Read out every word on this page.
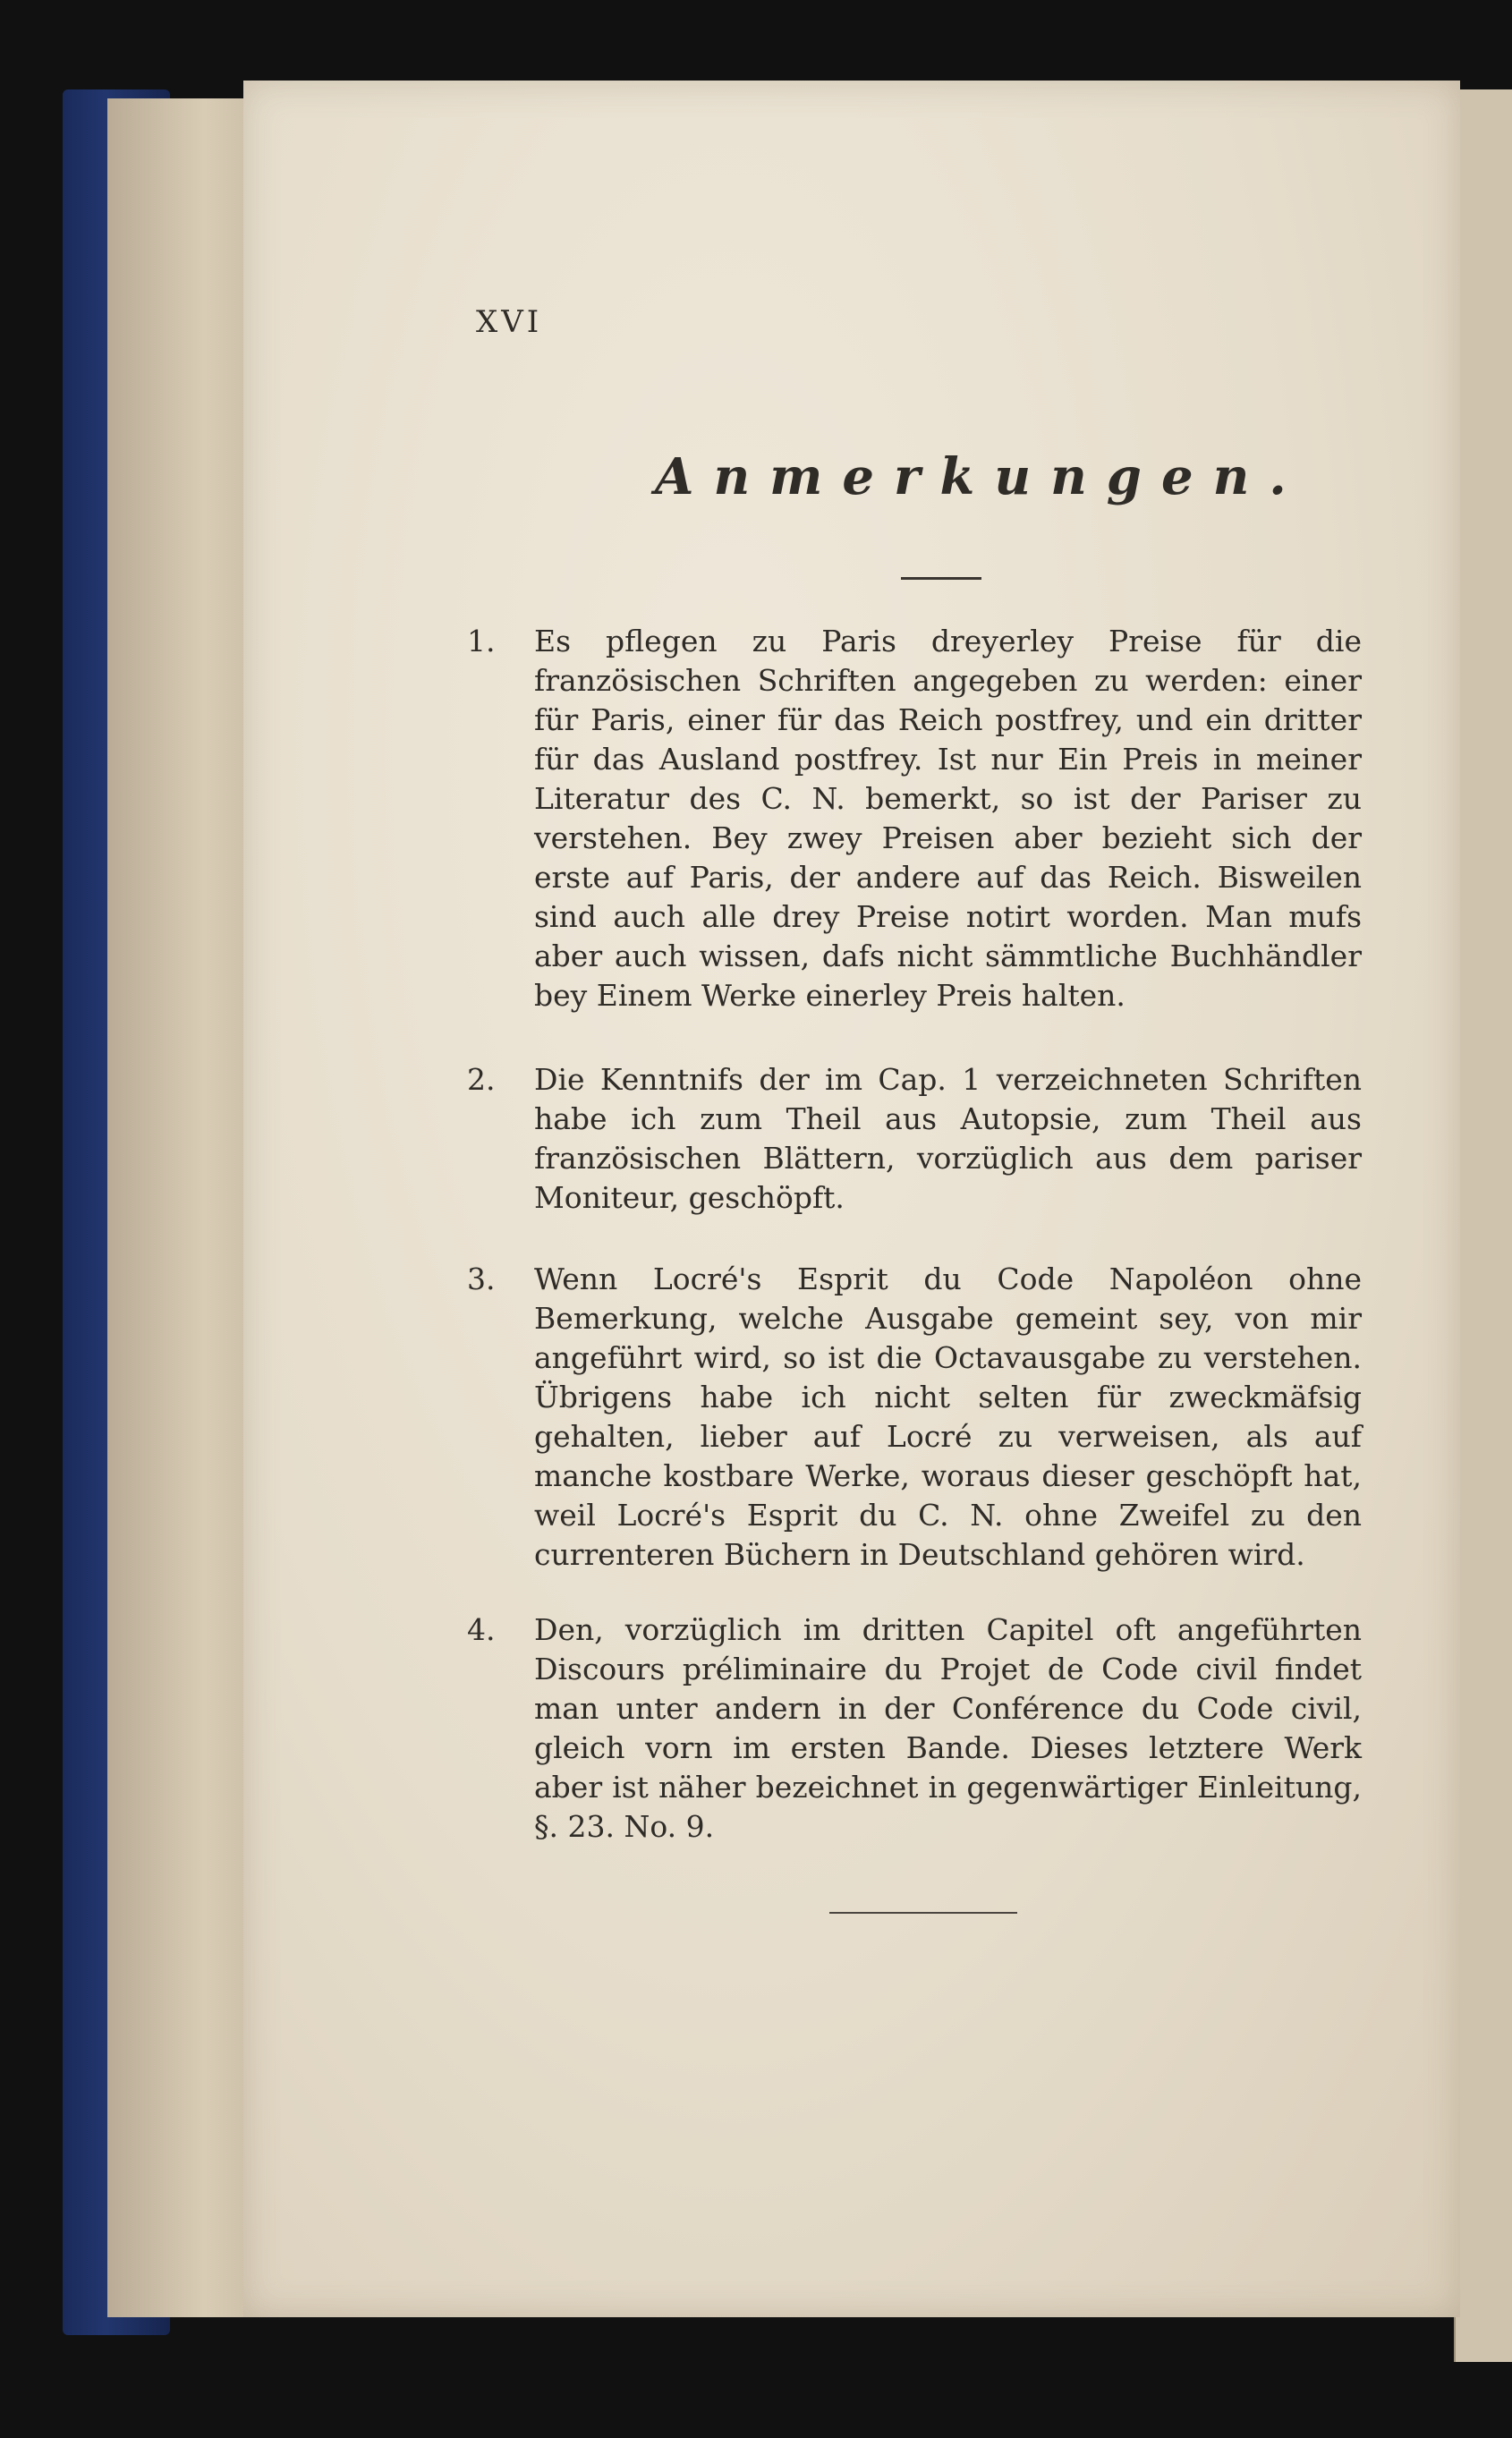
XVI

Anmerkungen.
1.	Es pflegen zu Paris dreyerley Preise für die französischen Schriften angegeben zu werden: einer für Paris, einer für das Reich postfrey, und ein dritter für das Ausland postfrey. Ist nur Ein Preis in meiner Literatur des C. N. bemerkt, so ist der Pariser zu verstehen. Bey zwey Preisen aber bezieht sich der erste auf Paris, der andere auf das Reich. Bisweilen sind auch alle drey Preise notirt worden. Man mufs aber auch wissen, dafs nicht sämmtliche Buchhändler bey Einem Werke einerley Preis halten.
2.	Die Kenntnifs der im Cap. 1 verzeichneten Schriften habe ich zum Theil aus Autopsie, zum Theil aus französischen Blättern, vorzüglich aus dem pariser Moniteur, geschöpft.
3.	Wenn Locré's Esprit du Code Napoléon ohne Bemerkung, welche Ausgabe gemeint sey, von mir angeführt wird, so ist die Octavausgabe zu verstehen. Übrigens habe ich nicht selten für zweckmäfsig gehalten, lieber auf Locré zu verweisen, als auf manche kostbare Werke, woraus dieser geschöpft hat, weil Locré's Esprit du C. N. ohne Zweifel zu den currenteren Büchern in Deutschland gehören wird.
4.	Den, vorzüglich im dritten Capitel oft angeführten Discours préliminaire du Projet de Code civil findet man unter andern in der Conférence du Code civil, gleich vorn im ersten Bande. Dieses letztere Werk aber ist näher bezeichnet in gegenwärtiger Einleitung, §. 23. No. 9.
